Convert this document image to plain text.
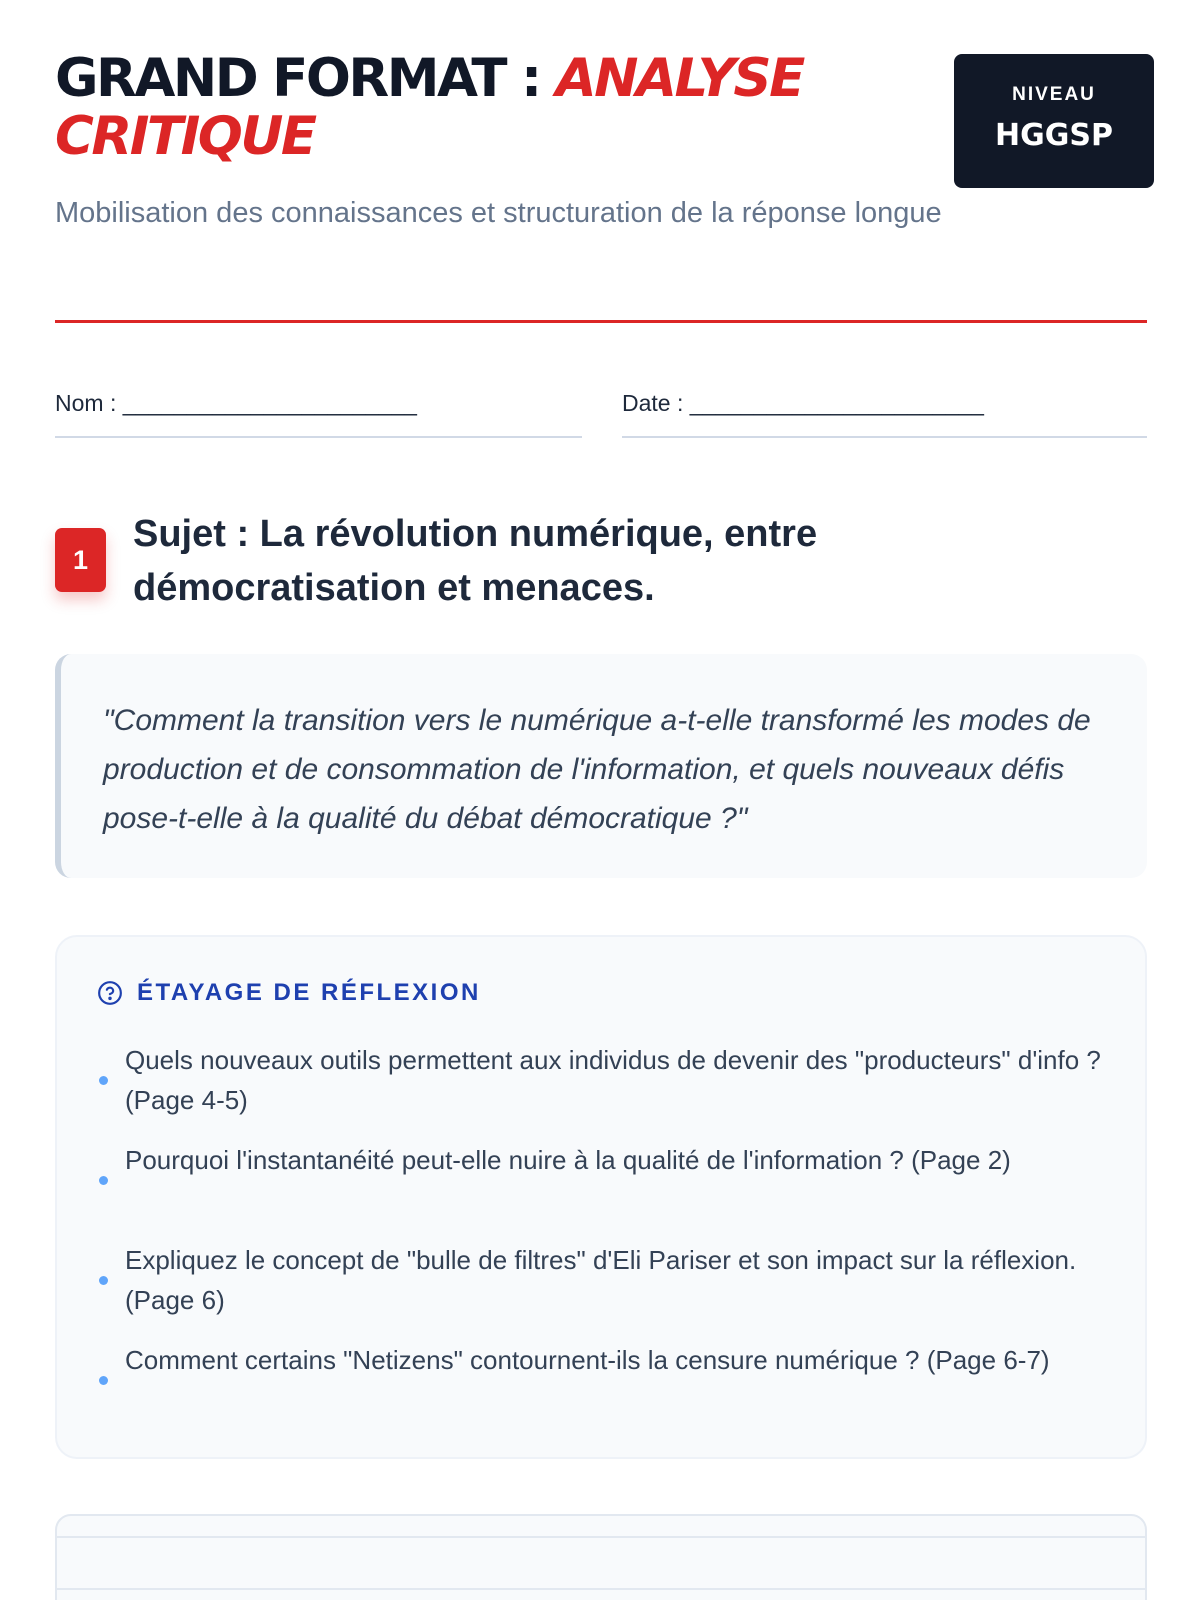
GRAND FORMAT : ANALYSE CRITIQUE

Mobilisation des connaissances et structuration de la réponse longue

NIVEAU
HGGSP
Nom : _______________________	Date : _______________________
1
Sujet : La révolution numérique, entre démocratisation et menaces.

"Comment la transition vers le numérique a-t-elle transformé les modes de production et de consommation de l'information, et quels nouveaux défis pose-t-elle à la qualité du débat démocratique ?"

ÉTAYAGE DE RÉFLEXION
Quels nouveaux outils permettent aux individus de devenir des "producteurs" d'info ? (Page 4-5)
Pourquoi l'instantanéité peut-elle nuire à la qualité de l'information ? (Page 2)
Expliquez le concept de "bulle de filtres" d'Eli Pariser et son impact sur la réflexion. (Page 6)
Comment certains "Netizens" contournent-ils la censure numérique ? (Page 6-7)
